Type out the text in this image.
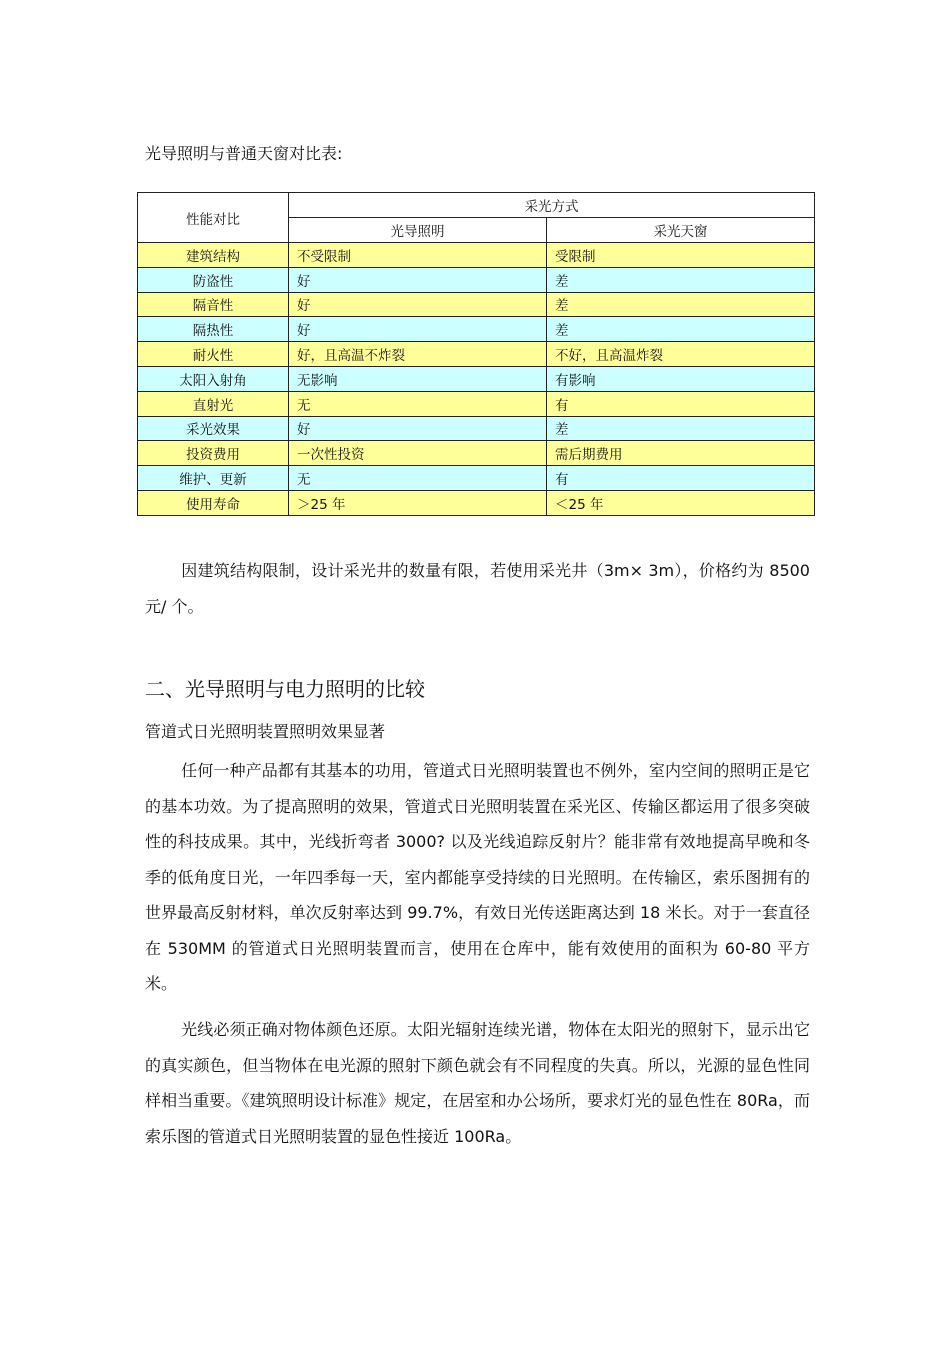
光导照明与普通天窗对比表:
性能对比	采光方式	
	光导照明	采光天窗
建筑结构	不受限制	受限制
防盗性	好	差
隔音性	好	差
隔热性	好	差
耐火性	好，且高温不炸裂	不好，且高温炸裂
太阳入射角	无影响	有影响
直射光	无	有
采光效果	好	差
投资费用	一次性投资	需后期费用
维护、更新	无	有
使用寿命	＞25 年	＜25 年
因建筑结构限制，设计采光井的数量有限，若使用采光井（3m× 3m），价格约为 8500 元/ 个。
二、光导照明与电力照明的比较
管道式日光照明装置照明效果显著
任何一种产品都有其基本的功用，管道式日光照明装置也不例外，室内空间的照明正是它的基本功效。为了提高照明的效果，管道式日光照明装置在采光区、传输区都运用了很多突破性的科技成果。其中，光线折弯者 3000? 以及光线追踪反射片？能非常有效地提高早晚和冬季的低角度日光，一年四季每一天，室内都能享受持续的日光照明。在传输区，索乐图拥有的世界最高反射材料，单次反射率达到 99.7%，有效日光传送距离达到 18 米长。对于一套直径在 530MM 的管道式日光照明装置而言，使用在仓库中，能有效使用的面积为 60-80 平方米。
光线必须正确对物体颜色还原。太阳光辐射连续光谱，物体在太阳光的照射下，显示出它的真实颜色，但当物体在电光源的照射下颜色就会有不同程度的失真。所以，光源的显色性同样相当重要。《建筑照明设计标准》规定，在居室和办公场所，要求灯光的显色性在 80Ra，而索乐图的管道式日光照明装置的显色性接近 100Ra。
